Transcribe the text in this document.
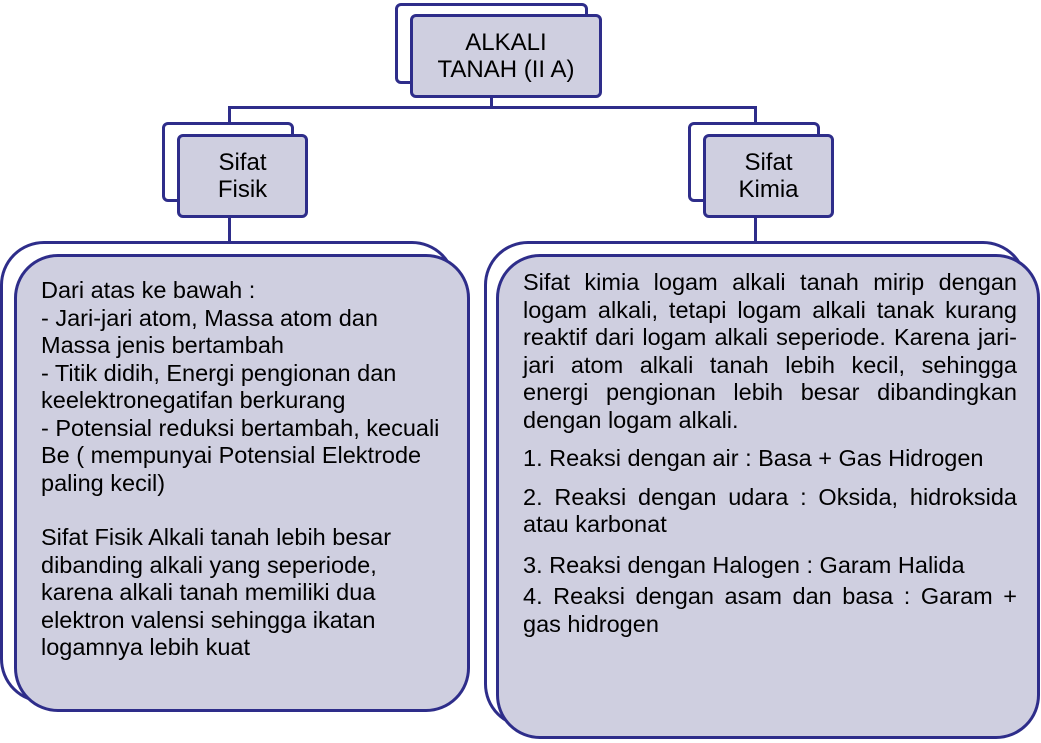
ALKALI
TANAH (II A)
Sifat
Fisik
Sifat
Kimia
Dari atas ke bawah :
- Jari-jari atom, Massa atom dan Massa jenis bertambah
- Titik didih, Energi pengionan dan keelektronegatifan berkurang
- Potensial reduksi bertambah, kecuali Be ( mempunyai Potensial Elektrode paling kecil)
Sifat Fisik Alkali tanah lebih besar dibanding alkali yang seperiode, karena alkali tanah memiliki dua elektron valensi sehingga ikatan logamnya lebih kuat
Sifat kimia logam alkali tanah mirip dengan logam alkali, tetapi logam alkali tanak kurang reaktif dari logam alkali seperiode. Karena jari-jari atom alkali tanah lebih kecil, sehingga energi pengionan lebih besar dibandingkan dengan logam alkali.
1. Reaksi dengan air : Basa + Gas Hidrogen
2. Reaksi dengan udara : Oksida, hidroksida atau karbonat
3. Reaksi dengan Halogen : Garam Halida
4. Reaksi dengan asam dan basa : Garam + gas hidrogen
